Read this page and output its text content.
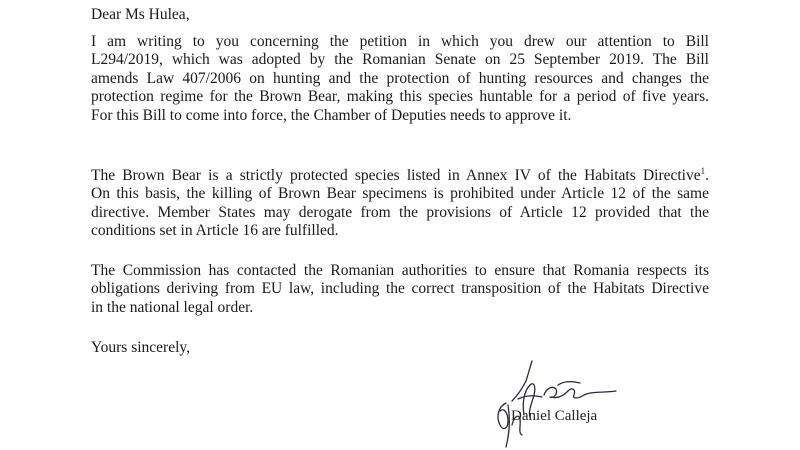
Dear Ms Hulea,

I am writing to you concerning the petition in which you drew our attention to Bill
L294/2019, which was adopted by the Romanian Senate on 25 September 2019. The Bill
amends Law 407/2006 on hunting and the protection of hunting resources and changes the
protection regime for the Brown Bear, making this species huntable for a period of five years.
For this Bill to come into force, the Chamber of Deputies needs to approve it.

The Brown Bear is a strictly protected species listed in Annex IV of the Habitats Directive$^1$.
On this basis, the killing of Brown Bear specimens is prohibited under Article 12 of the same
directive. Member States may derogate from the provisions of Article 12 provided that the
conditions set in Article 16 are fulfilled.

The Commission has contacted the Romanian authorities to ensure that Romania respects its
obligations deriving from EU law, including the correct transposition of the Habitats Directive
in the national legal order.

Yours sincerely,

Daniel Calleja
